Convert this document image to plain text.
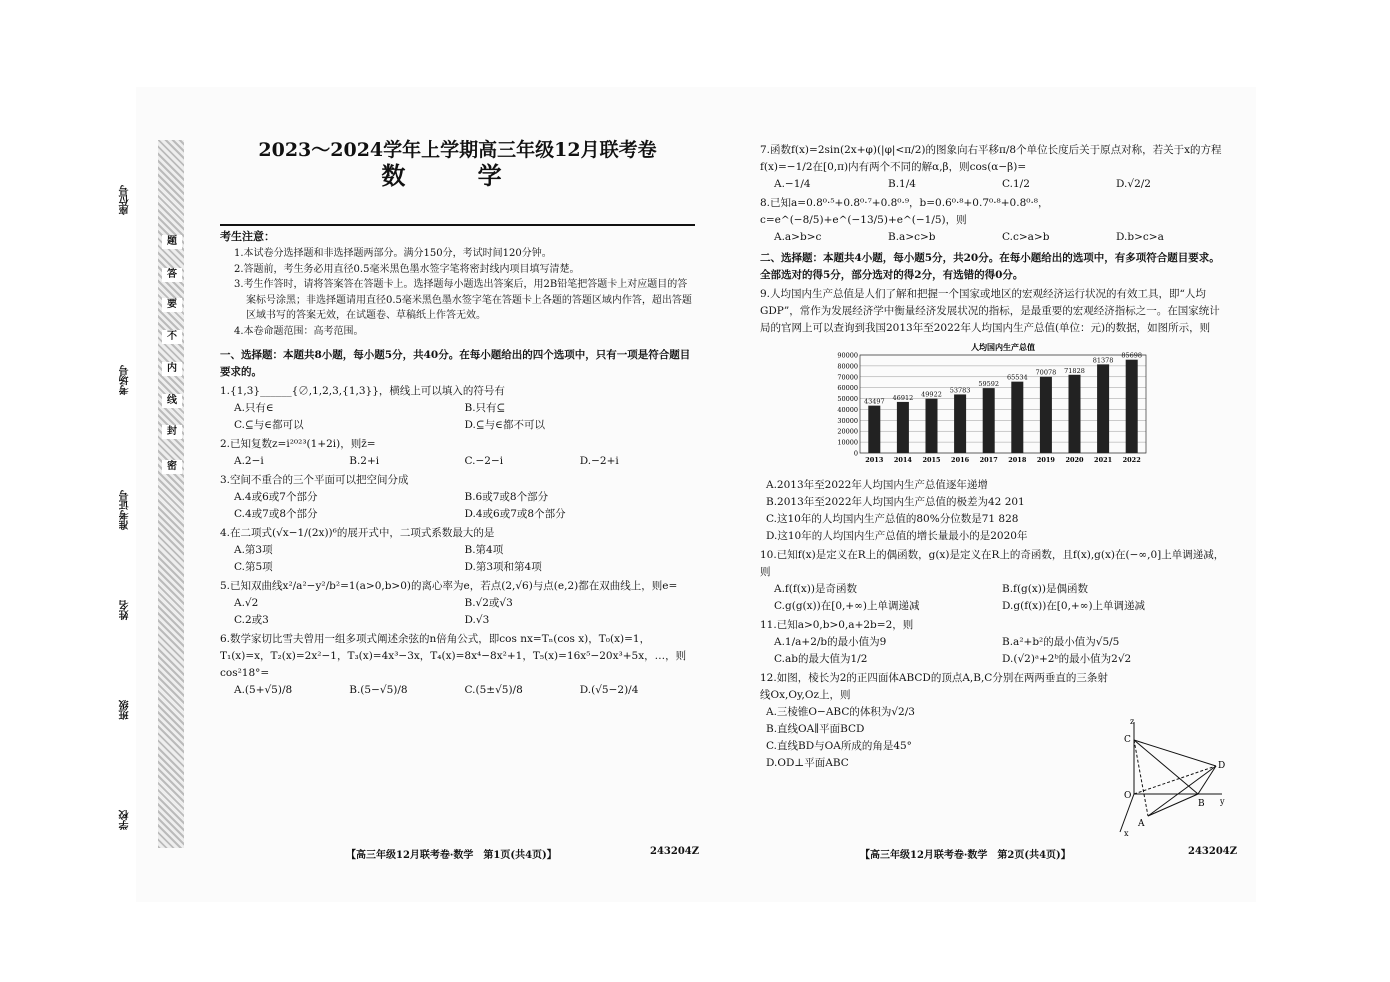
座位号
考场号
准考证号
姓名
班级
学校
题
答
要
不
内
线
封
密
2023～2024学年上学期高三年级12月联考卷
数 学
考生注意：
1.本试卷分选择题和非选择题两部分。满分150分，考试时间120分钟。
2.答题前，考生务必用直径0.5毫米黑色墨水签字笔将密封线内项目填写清楚。
3.考生作答时，请将答案答在答题卡上。选择题每小题选出答案后，用2B铅笔把答题卡上对应题目的答案标号涂黑；非选择题请用直径0.5毫米黑色墨水签字笔在答题卡上各题的答题区域内作答，超出答题区域书写的答案无效，在试题卷、草稿纸上作答无效。
4.本卷命题范围：高考范围。
一、选择题：本题共8小题，每小题5分，共40分。在每小题给出的四个选项中，只有一项是符合题目要求的。
1.{1,3}______{∅,1,2,3,{1,3}}，横线上可以填入的符号有
A.只有∈	B.只有⊆
C.⊆与∈都可以	D.⊆与∈都不可以
2.已知复数z=i²⁰²³(1+2i)，则z̄=
A.2−i	B.2+i	C.−2−i	D.−2+i
3.空间不重合的三个平面可以把空间分成
A.4或6或7个部分	B.6或7或8个部分
C.4或7或8个部分	D.4或6或7或8个部分
4.在二项式(√x−1/(2x))⁶的展开式中，二项式系数最大的是
A.第3项	B.第4项
C.第5项	D.第3项和第4项
5.已知双曲线x²/a²−y²/b²=1(a>0,b>0)的离心率为e，若点(2,√6)与点(e,2)都在双曲线上，则e=
A.√2	B.√2或√3
C.2或3	D.√3
6.数学家切比雪夫曾用一组多项式阐述余弦的n倍角公式，即cos nx=Tₙ(cos x)，T₀(x)=1，T₁(x)=x，T₂(x)=2x²−1，T₃(x)=4x³−3x，T₄(x)=8x⁴−8x²+1，T₅(x)=16x⁵−20x³+5x，…，则cos²18°=
A.(5+√5)/8	B.(5−√5)/8	C.(5±√5)/8	D.(√5−2)/4
【高三年级12月联考卷·数学　第1页(共4页)】	243204Z
7.函数f(x)=2sin(2x+φ)(|φ|<π/2)的图象向右平移π/8个单位长度后关于原点对称，若关于x的方程f(x)=−1/2在[0,π)内有两个不同的解α,β，则cos(α−β)=
A.−1/4	B.1/4	C.1/2	D.√2/2
8.已知a=0.8⁰·⁵+0.8⁰·⁷+0.8⁰·⁹，b=0.6⁰·⁸+0.7⁰·⁸+0.8⁰·⁸，c=e^(−8/5)+e^(−13/5)+e^(−1/5)，则
A.a>b>c	B.a>c>b	C.c>a>b	D.b>c>a
二、选择题：本题共4小题，每小题5分，共20分。在每小题给出的选项中，有多项符合题目要求。全部选对的得5分，部分选对的得2分，有选错的得0分。
9.人均国内生产总值是人们了解和把握一个国家或地区的宏观经济运行状况的有效工具，即“人均GDP”，常作为发展经济学中衡量经济发展状况的指标，是最重要的宏观经济指标之一。在国家统计局的官网上可以查询到我国2013年至2022年人均国内生产总值(单位：元)的数据，如图所示，则
人均国内生产总值
0
10000
20000
30000
40000
50000
60000
70000
80000
90000
43497
2013
46912
2014
49922
2015
53783
2016
59592
2017
65534
2018
70078
2019
71828
2020
81378
2021
85698
2022
A.2013年至2022年人均国内生产总值逐年递增
B.2013年至2022年人均国内生产总值的极差为42 201
C.这10年的人均国内生产总值的80%分位数是71 828
D.这10年的人均国内生产总值的增长量最小的是2020年
10.已知f(x)是定义在R上的偶函数，g(x)是定义在R上的奇函数，且f(x),g(x)在(−∞,0]上单调递减，则
A.f(f(x))是奇函数	B.f(g(x))是偶函数
C.g(g(x))在[0,+∞)上单调递减	D.g(f(x))在[0,+∞)上单调递减
11.已知a>0,b>0,a+2b=2，则
A.1/a+2/b的最小值为9	B.a²+b²的最小值为√5/5
C.ab的最大值为1/2	D.(√2)ᵃ+2ᵇ的最小值为2√2
12.如图，棱长为2的正四面体ABCD的顶点A,B,C分别在两两垂直的三条射线Ox,Oy,Oz上，则
A.三棱锥O−ABC的体积为√2/3
B.直线OA∥平面BCD
C.直线BD与OA所成的角是45°
D.OD⊥平面ABC
z
C
D
O
B y
A
x
【高三年级12月联考卷·数学　第2页(共4页)】	243204Z
